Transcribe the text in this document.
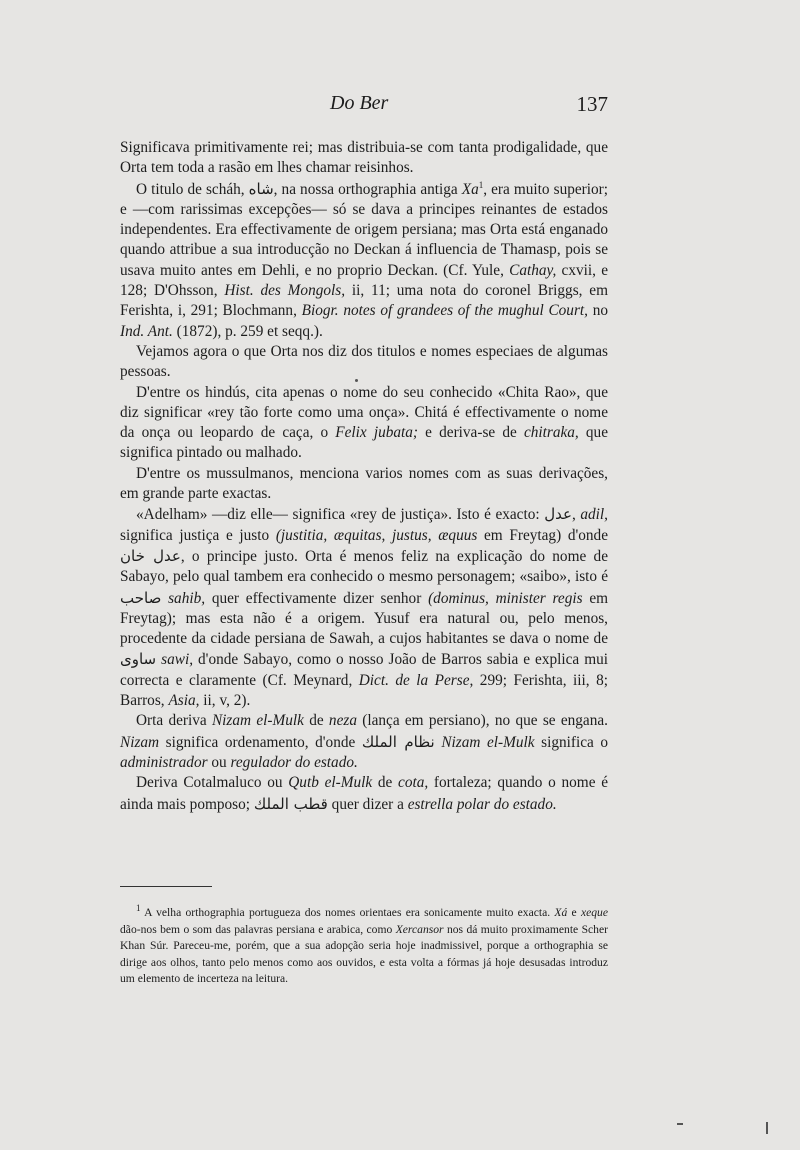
Do Ber	137

Significava primitivamente rei; mas distribuia-se com tanta prodigalidade, que Orta tem toda a rasão em lhes chamar reisinhos.

O titulo de scháh, شاه, na nossa orthographia antiga Xa$^1$, era muito superior; e —com rarissimas excepções— só se dava a principes reinantes de estados independentes. Era effectivamente de origem persiana; mas Orta está enganado quando attribue a sua introducção no Deckan á influencia de Thamasp, pois se usava muito antes em Dehli, e no proprio Deckan. (Cf. Yule, Cathay, cxvii, e 128; D'Ohsson, Hist. des Mongols, ii, 11; uma nota do coronel Briggs, em Ferishta, i, 291; Blochmann, Biogr. notes of grandees of the mughul Court, no Ind. Ant. (1872), p. 259 et seqq.).

Vejamos agora o que Orta nos diz dos titulos e nomes especiaes de algumas pessoas.

D'entre os hindús, cita apenas o nome do seu conhecido «Chita Rao», que diz significar «rey tão forte como uma onça». Chitá é effectivamente o nome da onça ou leopardo de caça, o Felix jubata; e deriva-se de chitraka, que significa pintado ou malhado.

D'entre os mussulmanos, menciona varios nomes com as suas derivações, em grande parte exactas.

«Adelham» —diz elle— significa «rey de justiça». Isto é exacto: عدل, adil, significa justiça e justo (justitia, æquitas, justus, æquus em Freytag) d'onde عدل خان, o principe justo. Orta é menos feliz na explicação do nome de Sabayo, pelo qual tambem era conhecido o mesmo personagem; «saibo», isto é صاحب sahib, quer effectivamente dizer senhor (dominus, minister regis em Freytag); mas esta não é a origem. Yusuf era natural ou, pelo menos, procedente da cidade persiana de Sawah, a cujos habitantes se dava o nome de ساوی sawi, d'onde Sabayo, como o nosso João de Barros sabia e explica mui correcta e claramente (Cf. Meynard, Dict. de la Perse, 299; Ferishta, iii, 8; Barros, Asia, ii, v, 2).

Orta deriva Nizam el-Mulk de neza (lança em persiano), no que se engana. Nizam significa ordenamento, d'onde نظام الملك Nizam el-Mulk significa o administrador ou regulador do estado.

Deriva Cotalmaluco ou Qutb el-Mulk de cota, fortaleza; quando o nome é ainda mais pomposo; قطب الملك quer dizer a estrella polar do estado.

$^1$ A velha orthographia portugueza dos nomes orientaes era sonicamente muito exacta. Xá e xeque dão-nos bem o som das palavras persiana e arabica, como Xercansor nos dá muito proximamente Scher Khan Súr. Pareceu-me, porém, que a sua adopção seria hoje inadmissivel, porque a orthographia se dirige aos olhos, tanto pelo menos como aos ouvidos, e esta volta a fórmas já hoje desusadas introduz um elemento de incerteza na leitura.
